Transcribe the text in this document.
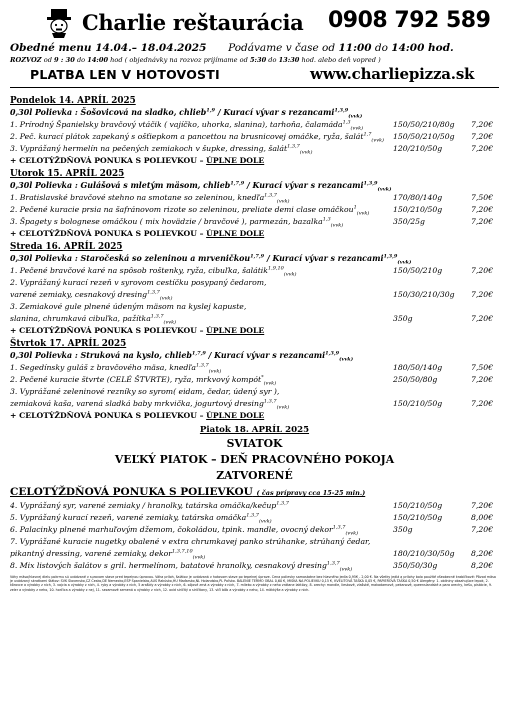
Charlie reštaurácia 0908 792 589
Obedné menu 14.04.– 18.04.2025 Podávame v čase od 11:00 do 14:00 hod.
ROZVOZ od 9 : 30 do 14:00 hod ( objednávky na rozvoz prijímame od 5:30 do 13:30 hod. alebo deň vopred )
PLATBA LEN V HOTOVOSTI	www.charliepizza.sk
Pondelok 14. APRÍL 2025
0,30l Polievka : Šošovicová na sladko, chlieb$^{1,9}$ / Kurací vývar s rezancami$^{1,3,9}_{(vvk)}$
1. Prírodný Španielsky bravčový vtáčik ( vajíčko, uhorka, slanina), tarhoňa, čalamáda$^{1,3}_{(vvk)}$	150/50/210/80g	7,20€
2. Peč. kurací plátok zapekaný s ošťiepkom a pancettou na brusnicovej omáčke, ryža, šalát$^{1,7}_{(vvk)}$	150/50/210/50g	7,20€
3. Vyprážaný hermelín na pečených zemiakoch v šupke, dressing, šalát$^{1,3,7}_{(vvk)}$	120/210/50g	7,20€
+ CELOTÝŽDŇOVÁ PONUKA S POLIEVKOU – ÚPLNE DOLE
Utorok 15. APRÍL 2025
0,30l Polievka : Gulášová s mletým mäsom, chlieb$^{1,7,9}$ / Kurací vývar s rezancami$^{1,3,9}_{(vvk)}$
1. Bratislavské bravčové stehno na smotane so zeleninou, knedľa$^{1,3,7}_{(vvk)}$	170/80/140g	7,50€
2. Pečené kuracie prsia na šafránovom rizote so zeleninou, preliate demi clase omáčkou$^1_{(vvk)}$	150/210/50g	7,20€
3. Špagety s bolognese omáčkou ( mix hovädzie / bravčové ), parmezán, bazalka$^{1,3}_{(vvk)}$	350/25g	7,20€
+ CELOTÝŽDŇOVÁ PONUKA S POLIEVKOU – ÚPLNE DOLE
Streda 16. APRÍL 2025
0,30l Polievka : Staročeská so zeleninou a mrveničkou$^{1,7,9}$ / Kurací vývar s rezancami$^{1,3,9}_{(vvk)}$
1. Pečené bravčové karé na spôsob roštenky, ryža, cibuľka, šalátik$^{1,9,10}_{(vvk)}$	150/50/210g	7,20€
2. Vyprážaný kurací rezeň v syrovom cestíčku posypaný čedarom,
varené zemiaky, cesnakový dresing$^{1,3,7}_{(vvk)}$	150/30/210/30g	7,20€
3. Zemiakové gule plnené údeným mäsom na kyslej kapuste,
slanina, chrumkavá cibuľka, pažítka$^{1,3,7}_{(vvk)}$	350g	7,20€
+ CELOTÝŽDŇOVÁ PONUKA S POLIEVKOU – ÚPLNE DOLE
Štvrtok 17. APRÍL 2025
0,30l Polievka : Struková na kyslo, chlieb$^{1,7,9}$ / Kurací vývar s rezancami$^{1,3,9}_{(vvk)}$
1. Segedínsky guláš z bravčového mäsa, knedľa$^{1,3,7}_{(vvk)}$	180/50/140g	7,50€
2. Pečené kuracie štvrte (CELÉ ŠTVRTE), ryža, mrkvový kompót*$_{(vvk)}$	250/50/80g	7,20€
3. Vyprážané zeleninové rezníky so syrom( eidam, čedar, údený syr ),
zemiaková kaša, varená sladká baby mrkvička, jogurtový dresing$^{1,3,7}_{(vvk)}$	150/210/50g	7,20€
+ CELOTÝŽDŇOVÁ PONUKA S POLIEVKOU – ÚPLNE DOLE
Piatok 18. APRÍL 2025
SVIATOK
VEĽKÝ PIATOK – DEŇ PRACOVNÉHO POKOJA
ZATVORENÉ
CELOTÝŽDŇOVÁ PONUKA S POLIEVKOU ( čas prípravy cca 15-25 min.)
4. Vyprážaný syr, varené zemiaky / hranolky, tatárska omáčka/kečup$^{1,3,7}$	150/210/50g	7,20€
5. Vyprážaný kurací rezeň, varené zemiaky, tatárska omáčka$^{1,3,7}_{(vvk)}$	150/210/50g	8,00€
6. Palacinky plnené marhuľovým džemom, čokoládou, tpink. mandle, ovocný dekor$^{1,3,7}_{(vvk)}$	350g	7,20€
7. Vyprážané kuracie nugetky obalené v extra chrumkavej panko strúhanke, strúhaný čedar,
pikantný dressing, varené zemiaky, dekor$^{1,3,7,10}_{(vvk)}$	180/210/30/50g	8,20€
8. Mix listových šalátov s gril. hermelínom, batatové hranolky, cesnakový dresing$^{1,3,7}_{(vvk)}$	350/50/30g	8,20€
Váhy mäsa/hlavnej dielu pokrmu sú uvádzané v surovom stave pred tepelnou úpravou. Váha príloh, šalátov je uvádzaná v hotovom stave po tepelnej úprave. Cena polievky samostatne bez hlavného jedla 0,95€ - 2,00 €. Na všetky jedlá a prílohy bolo použité všeobecné krabičkové: Pôvod mäsa je uvádzaný skratkami štátov: SVK Slovensko,CZ Česko,DE Nemecko,ESP Španielsko,AUS Rakúsko,HU Maďarsko,NL Holandsko,PL Poľsko. BALENIE TERMO OBAL 0,60 €, MISKA NA POLIEVKU 0,15 €, KVELITOVÁ TAŠKA 0,05 €, PAPIEROVÁ TAŠKA 0,50 € Alergény: 1. obilniny obsahujúce lepok, 2. kôrovce a výrobky z nich, 3. vajcia a výrobky z nich, 4. ryby a výrobky z nich, 5 arašidy a výrobky z nich, 6. sójové zrná a výrobky z nich, 7. mlieko a výrobky z neho vrátane laktózy, 8. orechy: mandle, lieskové, vlašské, makadamové, pekanové, queenslandské a para orechy, kešu, pistácie, 9. zeler a výrobky z neho, 10. horčica a výrobky z nej, 11. sezamové semená a výrobky z nich, 12. oxid siričitý a siričitany, 13. vlčí bôb a výrobky z neho, 14. mäkkýše a výrobky z nich.
